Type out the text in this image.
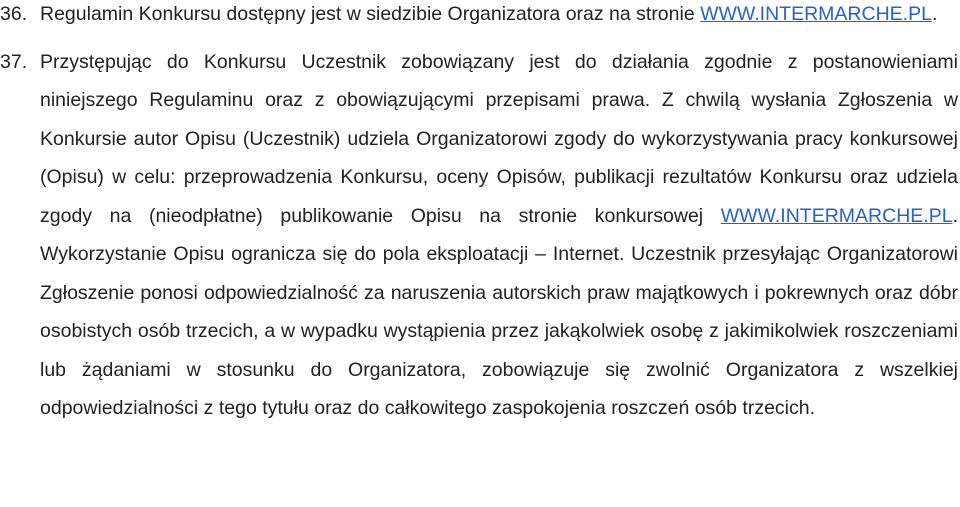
36. Regulamin Konkursu dostępny jest w siedzibie Organizatora oraz na stronie WWW.INTERMARCHE.PL.
37. Przystępując do Konkursu Uczestnik zobowiązany jest do działania zgodnie z postanowieniami niniejszego Regulaminu oraz z obowiązującymi przepisami prawa. Z chwilą wysłania Zgłoszenia w Konkursie autor Opisu (Uczestnik) udziela Organizatorowi zgody do wykorzystywania pracy konkursowej (Opisu) w celu: przeprowadzenia Konkursu, oceny Opisów, publikacji rezultatów Konkursu oraz udziela zgody na (nieodpłatne) publikowanie Opisu na stronie konkursowej WWW.INTERMARCHE.PL. Wykorzystanie Opisu ogranicza się do pola eksploatacji – Internet. Uczestnik przesyłając Organizatorowi Zgłoszenie ponosi odpowiedzialność za naruszenia autorskich praw majątkowych i pokrewnych oraz dóbr osobistych osób trzecich, a w wypadku wystąpienia przez jakąkolwiek osobę z jakimikolwiek roszczeniami lub żądaniami w stosunku do Organizatora, zobowiązuje się zwolnić Organizatora z wszelkiej odpowiedzialności z tego tytułu oraz do całkowitego zaspokojenia roszczeń osób trzecich.
